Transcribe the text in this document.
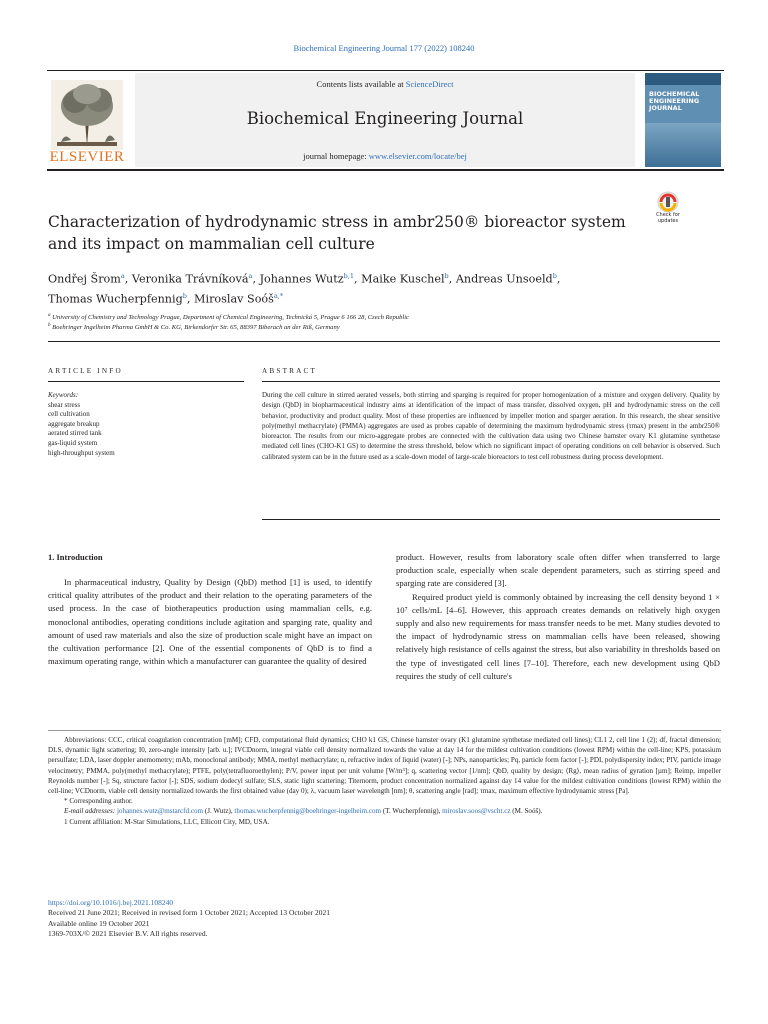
Biochemical Engineering Journal 177 (2022) 108240
ELSEVIER
Contents lists available at ScienceDirect
Biochemical Engineering Journal
journal homepage: www.elsevier.com/locate/bej
BIOCHEMICAL ENGINEERING JOURNAL
Characterization of hydrodynamic stress in ambr250® bioreactor system and its impact on mammalian cell culture
Check for updates
Ondřej Šrom$^a$, Veronika Trávníková$^a$, Johannes Wutz$^{b,1}$, Maike Kuschel$^b$, Andreas Unsoeld$^b$,
Thomas Wucherpfennig$^b$, Miroslav Soóš$^{a,*}$
$^a$ University of Chemistry and Technology Prague, Department of Chemical Engineering, Technická 5, Prague 6 166 28, Czech Republic
$^b$ Boehringer Ingelheim Pharma GmbH & Co. KG, Birkendorfer Str. 65, 88397 Biberach an der Riß, Germany
ARTICLE INFO
Keywords:
shear stress
cell cultivation
aggregate breakup
aerated stirred tank
gas-liquid system
high-throughput system
ABSTRACT
During the cell culture in stirred aerated vessels, both stirring and sparging is required for proper homogenization of a mixture and oxygen delivery. Quality by design (QbD) in biopharmaceutical industry aims at identification of the impact of mass transfer, dissolved oxygen, pH and hydrodynamic stress on the cell behavior, productivity and product quality. Most of these properties are influenced by impeller motion and sparger aeration. In this research, the shear sensitive poly(methyl methacrylate) (PMMA) aggregates are used as probes capable of determining the maximum hydrodynamic stress (τmax) present in the ambr250® bioreactor. The results from our micro-aggregate probes are connected with the cultivation data using two Chinese hamster ovary K1 glutamine synthetase mediated cell lines (CHO-K1 GS) to determine the stress threshold, below which no significant impact of operating conditions on cell behavior is observed. Such calibrated system can be in the future used as a scale-down model of large-scale bioreactors to test cell robustness during process development.
1. Introduction
In pharmaceutical industry, Quality by Design (QbD) method [1] is used, to identify critical quality attributes of the product and their relation to the operating parameters of the used process. In the case of biotherapeutics production using mammalian cells, e.g. monoclonal antibodies, operating conditions include agitation and sparging rate, quality and amount of used raw materials and also the size of production scale might have an impact on the cultivation performance [2]. One of the essential components of QbD is to find a maximum operating range, within which a manufacturer can guarantee the quality of desired
product. However, results from laboratory scale often differ when transferred to large production scale, especially when scale dependent parameters, such as stirring speed and sparging rate are considered [3].
Required product yield is commonly obtained by increasing the cell density beyond 1 × 10⁷ cells/mL [4–6]. However, this approach creates demands on relatively high oxygen supply and also new requirements for mass transfer needs to be met. Many studies devoted to the impact of hydrodynamic stress on mammalian cells have been released, showing relatively high resistance of cells against the stress, but also variability in thresholds based on the type of investigated cell lines [7–10]. Therefore, each new development using QbD requires the study of cell culture's

Abbreviations: CCC, critical coagulation concentration [mM]; CFD, computational fluid dynamics; CHO k1 GS, Chinese hamster ovary (K1 glutamine synthetase mediated cell lines); CL1 2, cell line 1 (2); df, fractal dimension; DLS, dynamic light scattering; I0, zero-angle intensity [arb. u.]; IVCDnorm, integral viable cell density normalized towards the value at day 14 for the mildest cultivation conditions (lowest RPM) within the cell-line; KPS, potassium persulfate; LDA, laser doppler anemometry; mAb, monoclonal antibody; MMA, methyl methacrylate; n, refractive index of liquid (water) [-]; NPs, nanoparticles; Pq, particle form factor [-]; PDI, polydispersity index; PIV, particle image velocimetry; PMMA, poly(methyl methacrylate); PTFE, poly(tetrafluoroethylen); P/V, power input per unit volume [W/m³]; q, scattering vector [1/nm]; QbD, quality by design; ⟨Rg⟩, mean radius of gyration [µm]; Reimp, impeller Reynolds number [-]; Sq, structure factor [-]; SDS, sodium dodecyl sulfate; SLS, static light scattering; Titernorm, product concentration normalized against day 14 value for the mildest cultivation conditions (lowest RPM) within the cell-line; VCDnorm, viable cell density normalized towards the first obtained value (day 0); λ, vacuum laser wavelength [nm]; θ, scattering angle [rad]; τmax, maximum effective hydrodynamic stress [Pa].

* Corresponding author.

E-mail addresses: johannes.wutz@mstarcfd.com (J. Wutz), thomas.wucherpfennig@boehringer-ingelheim.com (T. Wucherpfennig), miroslav.soos@vscht.cz (M. Soóš).

1 Current affiliation: M-Star Simulations, LLC, Ellicott City, MD, USA.

https://doi.org/10.1016/j.bej.2021.108240

Received 21 June 2021; Received in revised form 1 October 2021; Accepted 13 October 2021

Available online 19 October 2021

1369-703X/© 2021 Elsevier B.V. All rights reserved.
